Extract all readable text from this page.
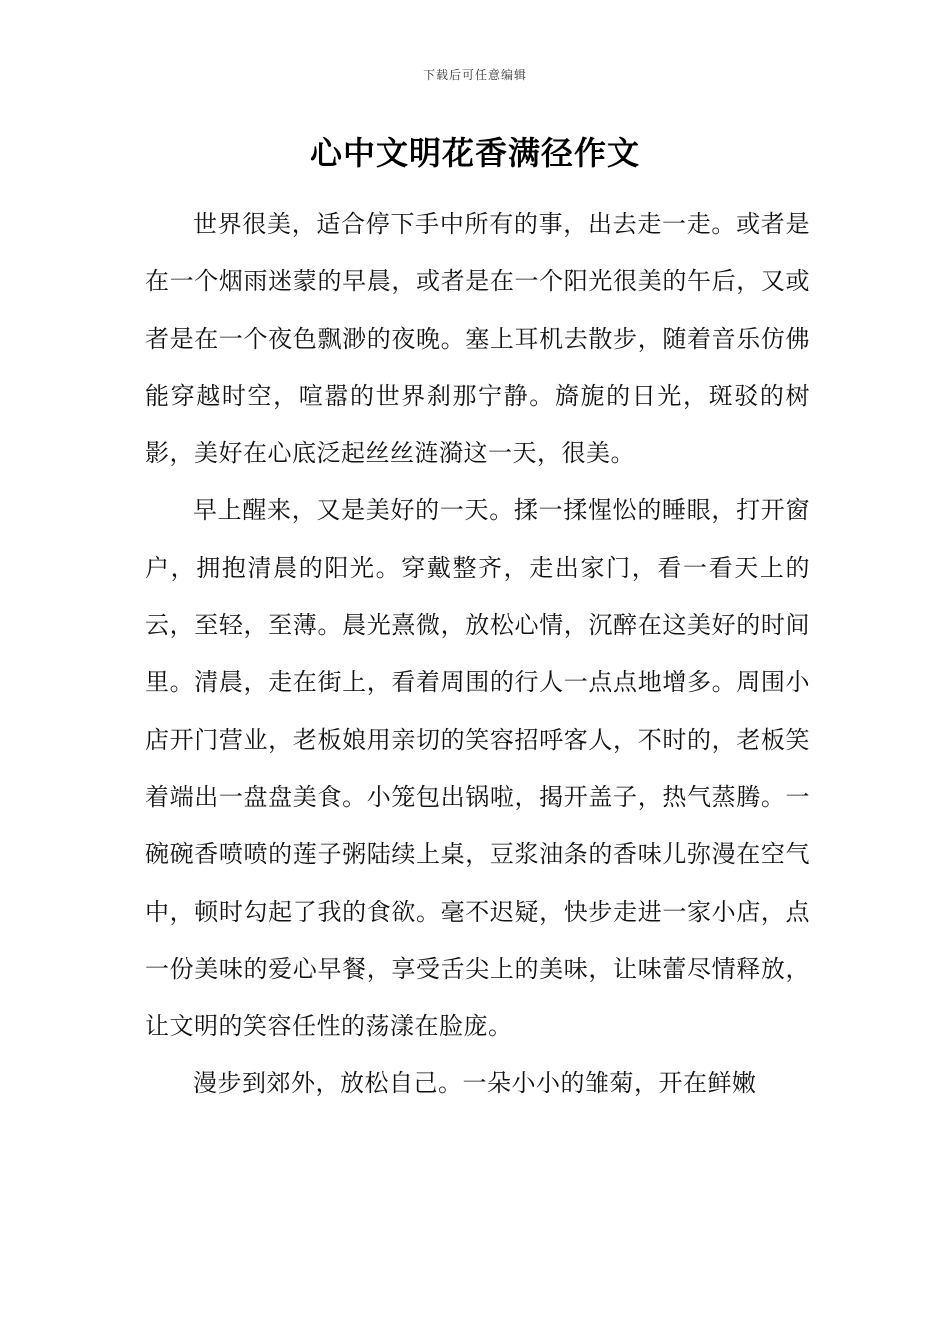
下载后可任意编辑
心中文明花香满径作文

世界很美，适合停下手中所有的事，出去走一走。或者是在一个烟雨迷蒙的早晨，或者是在一个阳光很美的午后，又或者是在一个夜色飘渺的夜晚。塞上耳机去散步，随着音乐仿佛能穿越时空，喧嚣的世界刹那宁静。旖旎的日光，斑驳的树影，美好在心底泛起丝丝涟漪这一天，很美。

早上醒来，又是美好的一天。揉一揉惺忪的睡眼，打开窗户，拥抱清晨的阳光。穿戴整齐，走出家门，看一看天上的云，至轻，至薄。晨光熹微，放松心情，沉醉在这美好的时间里。清晨，走在街上，看着周围的行人一点点地增多。周围小店开门营业，老板娘用亲切的笑容招呼客人，不时的，老板笑着端出一盘盘美食。小笼包出锅啦，揭开盖子，热气蒸腾。一碗碗香喷喷的莲子粥陆续上桌，豆浆油条的香味儿弥漫在空气中，顿时勾起了我的食欲。毫不迟疑，快步走进一家小店，点一份美味的爱心早餐，享受舌尖上的美味，让味蕾尽情释放，让文明的笑容任性的荡漾在脸庞。

漫步到郊外，放松自己。一朵小小的雏菊，开在鲜嫩
